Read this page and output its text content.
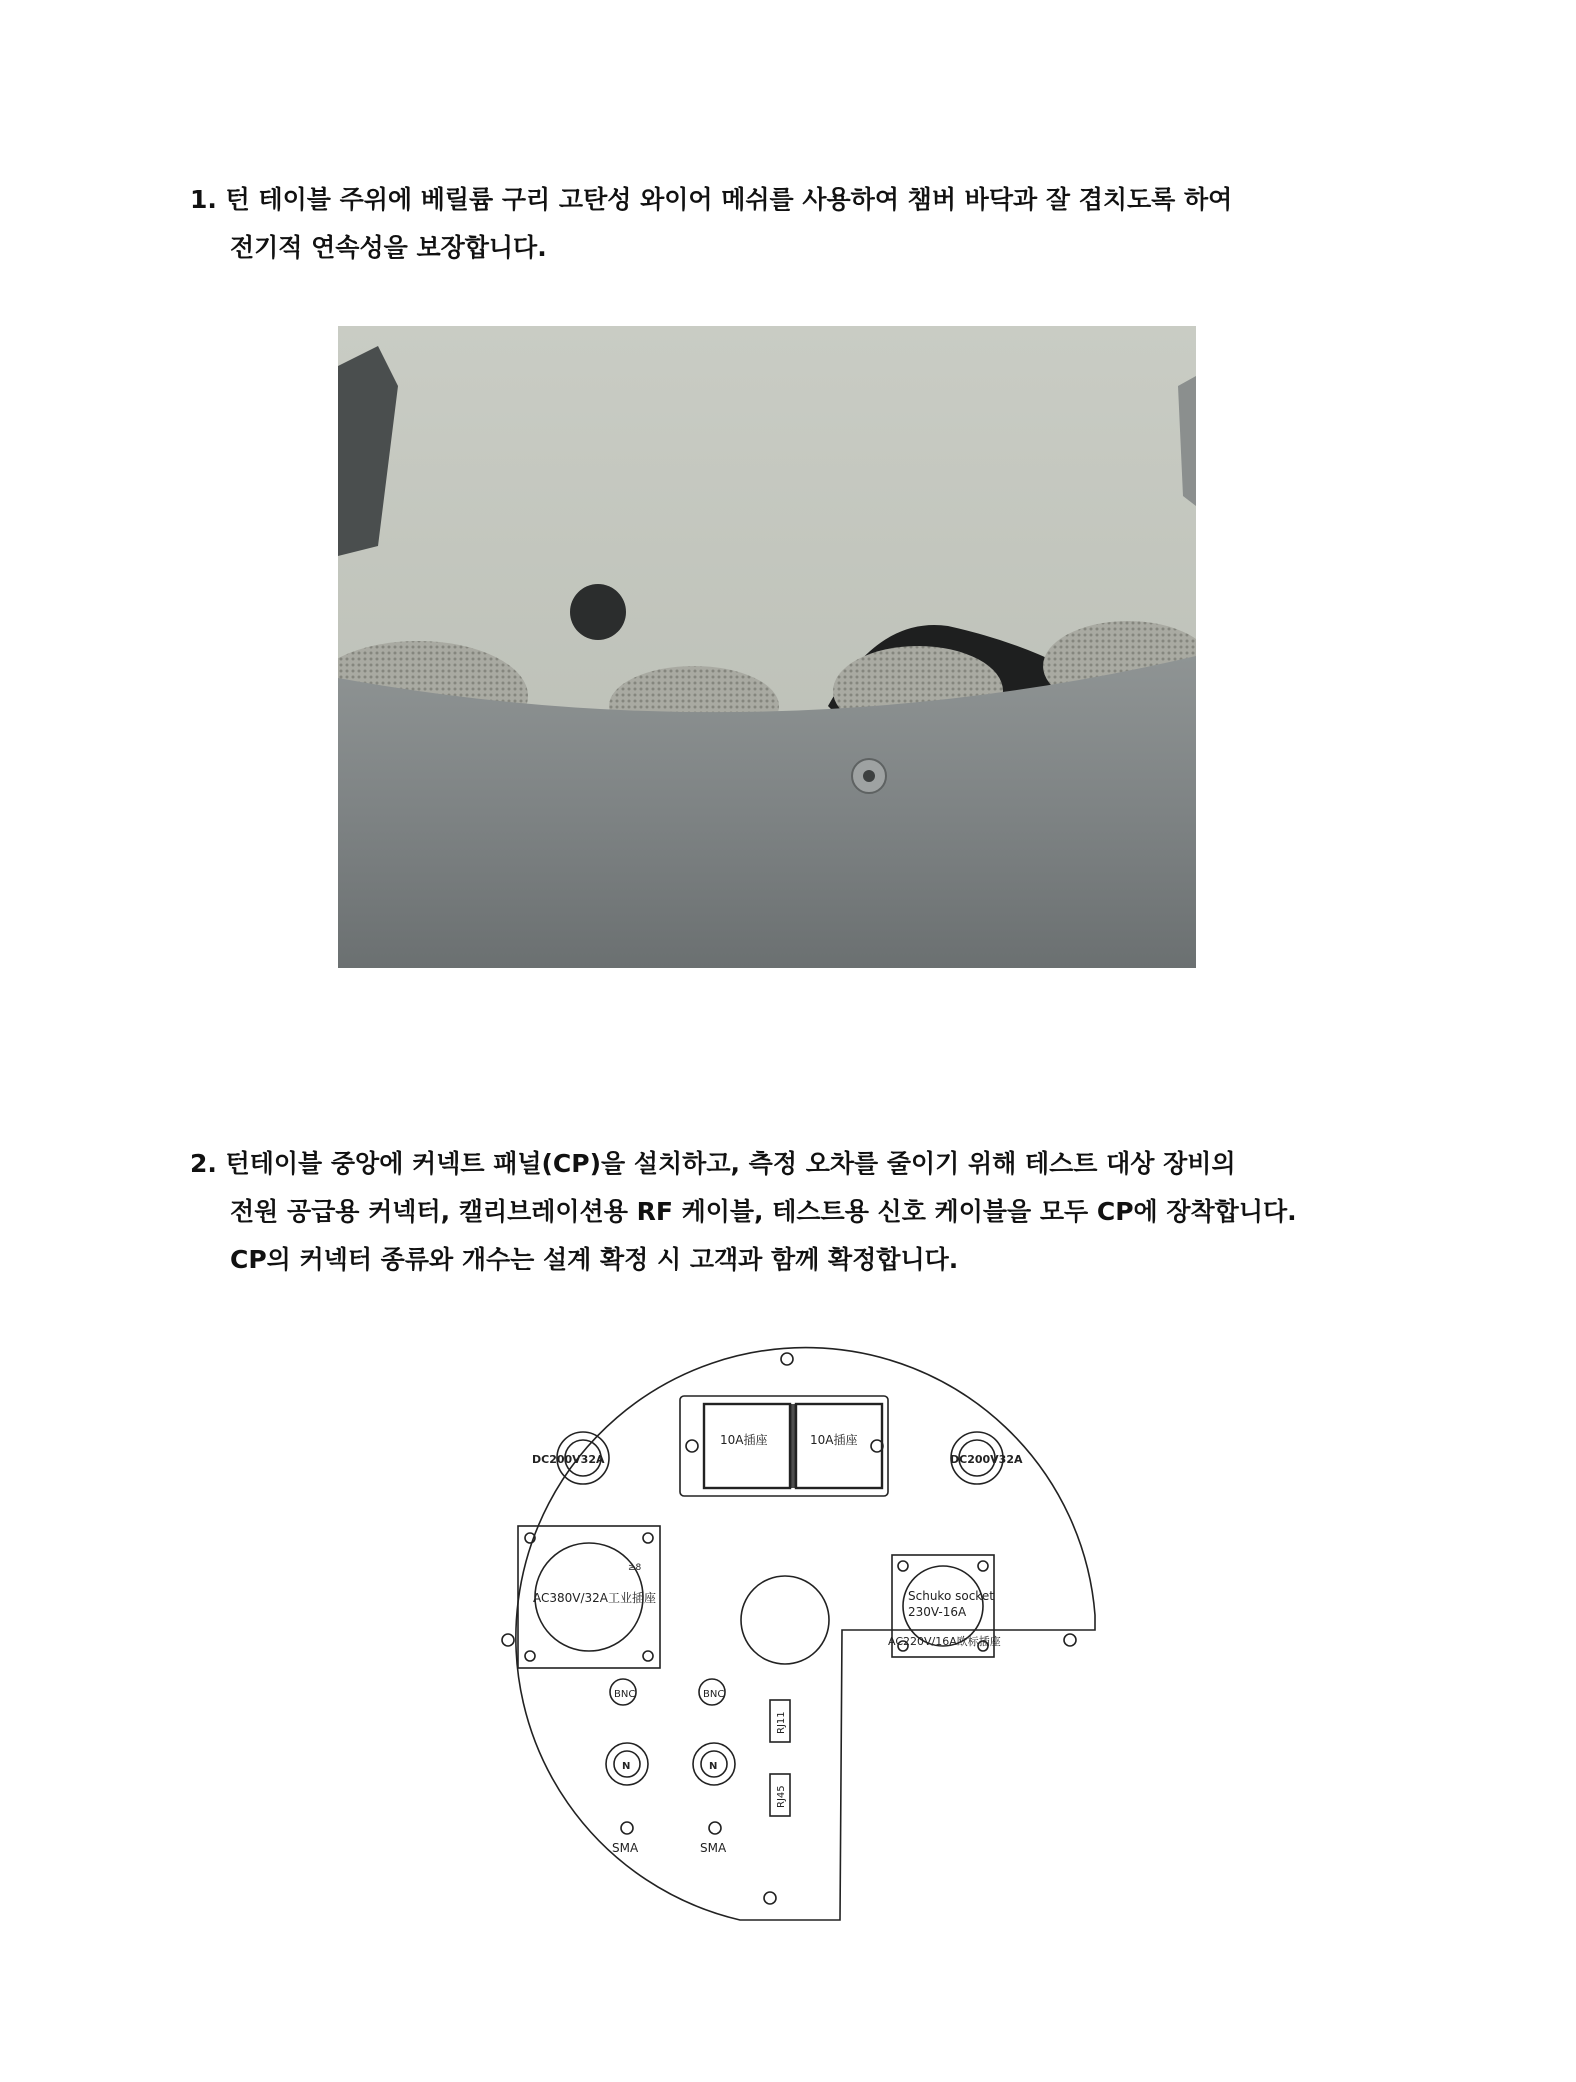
1. 턴 테이블 주위에 베릴륨 구리 고탄성 와이어 메쉬를 사용하여 챔버 바닥과 잘 겹치도록 하여
전기적 연속성을 보장합니다.
2. 턴테이블 중앙에 커넥트 패널(CP)을 설치하고, 측정 오차를 줄이기 위해 테스트 대상 장비의
전원 공급용 커넥터, 캘리브레이션용 RF 케이블, 테스트용 신호 케이블을 모두 CP에 장착합니다.
CP의 커넥터 종류와 개수는 설계 확정 시 고객과 함께 확정합니다.
10A插座	10A插座
DC200V32A	DC200V32A
AC380V/32A工业插座
≥8
Schuko socket
230V-16A
AC220V/16A欧标插座
BNC	BNC
N	N
RJ11
RJ45
SMA	SMA
